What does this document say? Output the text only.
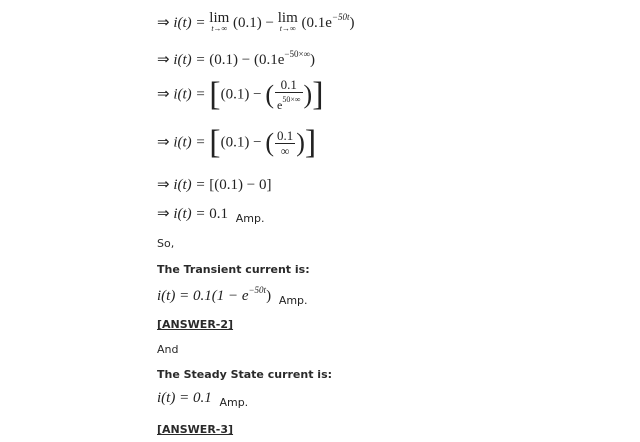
⇒ i(t) = lim
t→∞ (0.1) − lim
t→∞ $(0.1e^{-50t})$
⇒ $i(t) = (0.1) - (0.1e^{-50\times\infty})$
⇒ i(t) = [(0.1) − ( $\frac{0.1}{e^{50\times\infty}}$ )]
⇒ i(t) = [(0.1) − ( $\frac{0.1}{\infty}$ )]
⇒ i(t) = [(0.1) − 0]
⇒ i(t) = 0.1 $_{Amp.}$
So,
The Transient current is:
$i(t) = 0.1(1 - e^{-50t})$ $_{Amp.}$
[ANSWER-2]
And
The Steady State current is:
i(t) = 0.1 $_{Amp.}$
[ANSWER-3]
